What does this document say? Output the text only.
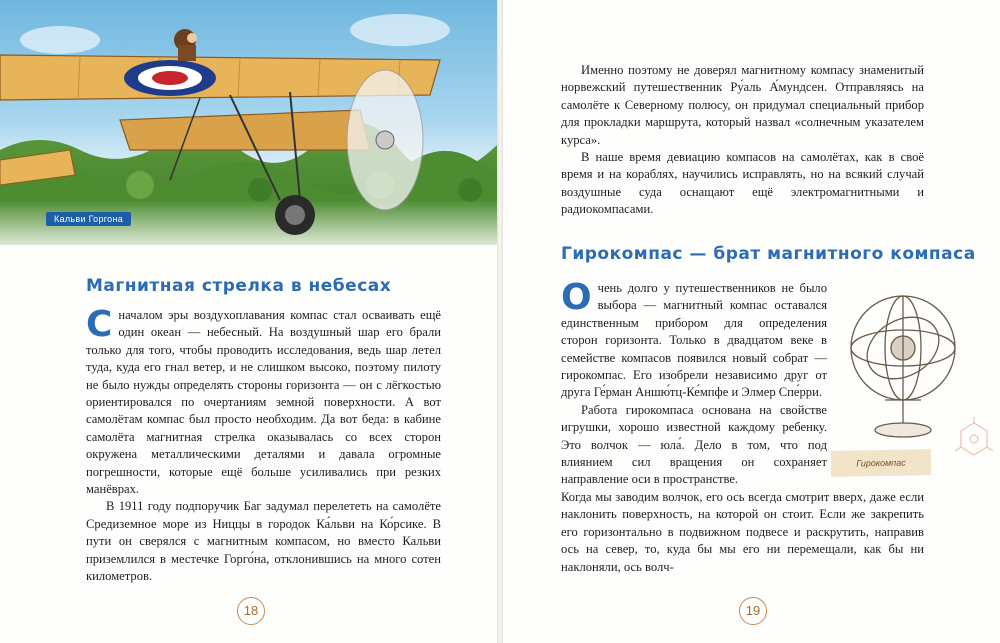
Кальви Горгона
Магнитная стрелка в небесах

Сначалом эры воздухоплавания компас стал осваивать ещё один океан — небесный. На воздушный шар его брали только для того, чтобы проводить исследования, ведь шар летел туда, куда его гнал ветер, и не слишком высоко, поэтому пилоту не было нужды определять стороны горизонта — он с лёгкостью ориентировался по очертаниям земной поверхности. А вот самолётам компас был просто необходим. Да вот беда: в кабине самолёта магнитная стрелка оказывалась со всех сторон окружена металлическими деталями и давала огромные погрешности, которые ещё больше усиливались при резких манёврах.

В 1911 году подпоручик Баг задумал перелететь на самолёте Средиземное море из Ниццы в городок Ка́льви на Ко́рсике. В пути он сверялся с магнитным компасом, но вместо Кальви приземлился в местечке Горго́на, отклонившись на много сотен километров.

18

Именно поэтому не доверял магнитному компасу знаменитый норвежский путешественник Ру́аль А́мундсен. Отправляясь на самолёте к Северному полюсу, он придумал специальный прибор для прокладки маршрута, который назвал «солнечным указателем курса».

В наше время девиацию компасов на самолётах, как в своё время и на кораблях, научились исправлять, но на всякий случай воздушные суда оснащают ещё электромагнитными и радиокомпасами.

Гирокомпас — брат магнитного компаса

Очень долго у путешественников не было выбора — магнитный компас оставался единственным прибором для определения сторон горизонта. Только в двадцатом веке в семействе компасов появился новый собрат — гирокомпас. Его изобрели независимо друг от друга Ге́рман Аншю́тц-Ке́мпфе и Элмер Спе́рри.

Работа гирокомпаса основана на свойстве игрушки, хорошо известной каждому ребенку. Это волчок — юла́. Дело в том, что под влиянием сил вращения он сохраняет направление оси в пространстве.

Когда мы заводим волчок, его ось всегда смотрит вверх, даже если наклонить поверхность, на которой он стоит. Если же закрепить его горизонтально в подвижном подвесе и раскрутить, направив ось на север, то, куда бы мы его ни перемещали, как бы ни наклоняли, ось волч-

Гирокомпас
19
